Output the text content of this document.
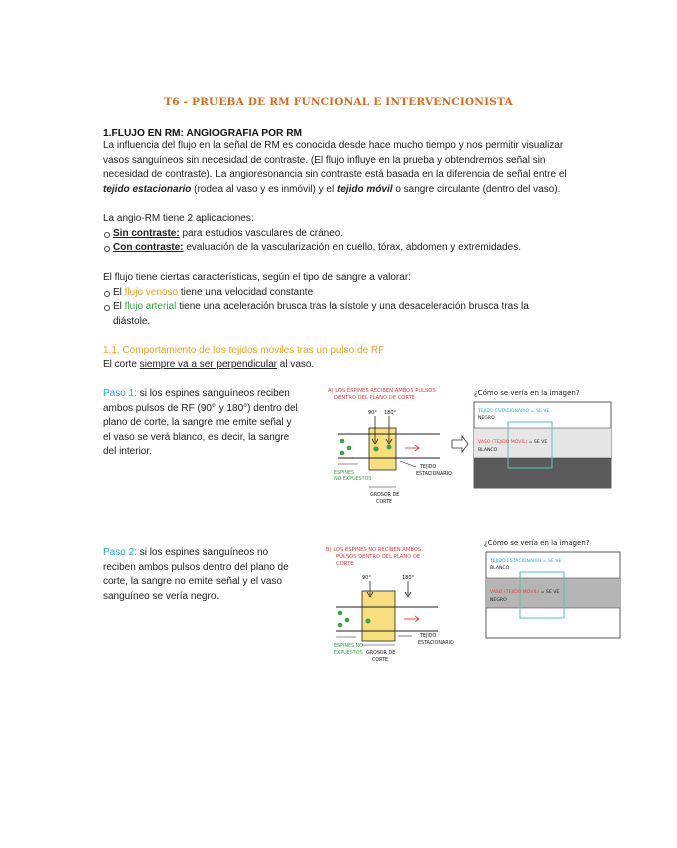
T6 - PRUEBA DE RM FUNCIONAL E INTERVENCIONISTA
1.FLUJO EN RM: ANGIOGRAFIA POR RM
La influencia del flujo en la señal de RM es conocida desde hace mucho tiempo y nos permitir visualizar
vasos sanguíneos sin necesidad de contraste. (El flujo influye en la prueba y obtendremos señal sin
necesidad de contraste). La angioresonancia sin contraste está basada en la diferencia de señal entre el
tejido estacionario (rodea al vaso y es inmóvil) y el tejido móvil o sangre circulante (dentro del vaso).
La angio-RM tiene 2 aplicaciones:
Sin contraste: para estudios vasculares de cráneo.
Con contraste: evaluación de la vascularización en cuello, tórax, abdomen y extremidades.
El flujo tiene ciertas características, según el tipo de sangre a valorar:
El flujo venoso tiene una velocidad constante
El flujo arterial tiene una aceleración brusca tras la sístole y una desaceleración brusca tras la
diástole.
1.1. Comportamiento de los tejidos móviles tras un pulso de RF
El corte siempre va a ser perpendicular al vaso.
Paso 1: si los espines sanguíneos reciben
ambos pulsos de RF (90° y 180°) dentro del
plano de corte, la sangre me emite señal y
el vaso se verá blanco, es decir, la sangre
del interior.
Paso 2: si los espines sanguíneos no
reciben ambos pulsos dentro del plano de
corte, la sangre no emite señal y el vaso
sanguíneo se vería negro.
A) LOS ESPINES RECIBEN AMBOS PULSOS
DENTRO DEL PLANO DE CORTE
90° 180°
ESPINES
NO EXPUESTOS
TEJIDO
ESTACIONARIO
GROSOR DE
CORTE
¿Cómo se vería en la imagen?
TEJIDO ESTACIONARIO = SE VE
NEGRO
VASO (TEJIDO MÓVIL) = SE VE
BLANCO
B) LOS ESPINES NO RECIBEN AMBOS
PULSOS DENTRO DEL PLANO DE
CORTE
90°	180°
TEJIDO
ESTACIONARIO
ESPINES NO
EXPUESTOS GROSOR DE
CORTE
¿Cómo se vería en la imagen?
TEJIDO ESTACIONARIO = SE VE
BLANCO
VASO (TEJIDO MÓVIL) = SE VE
NEGRO
